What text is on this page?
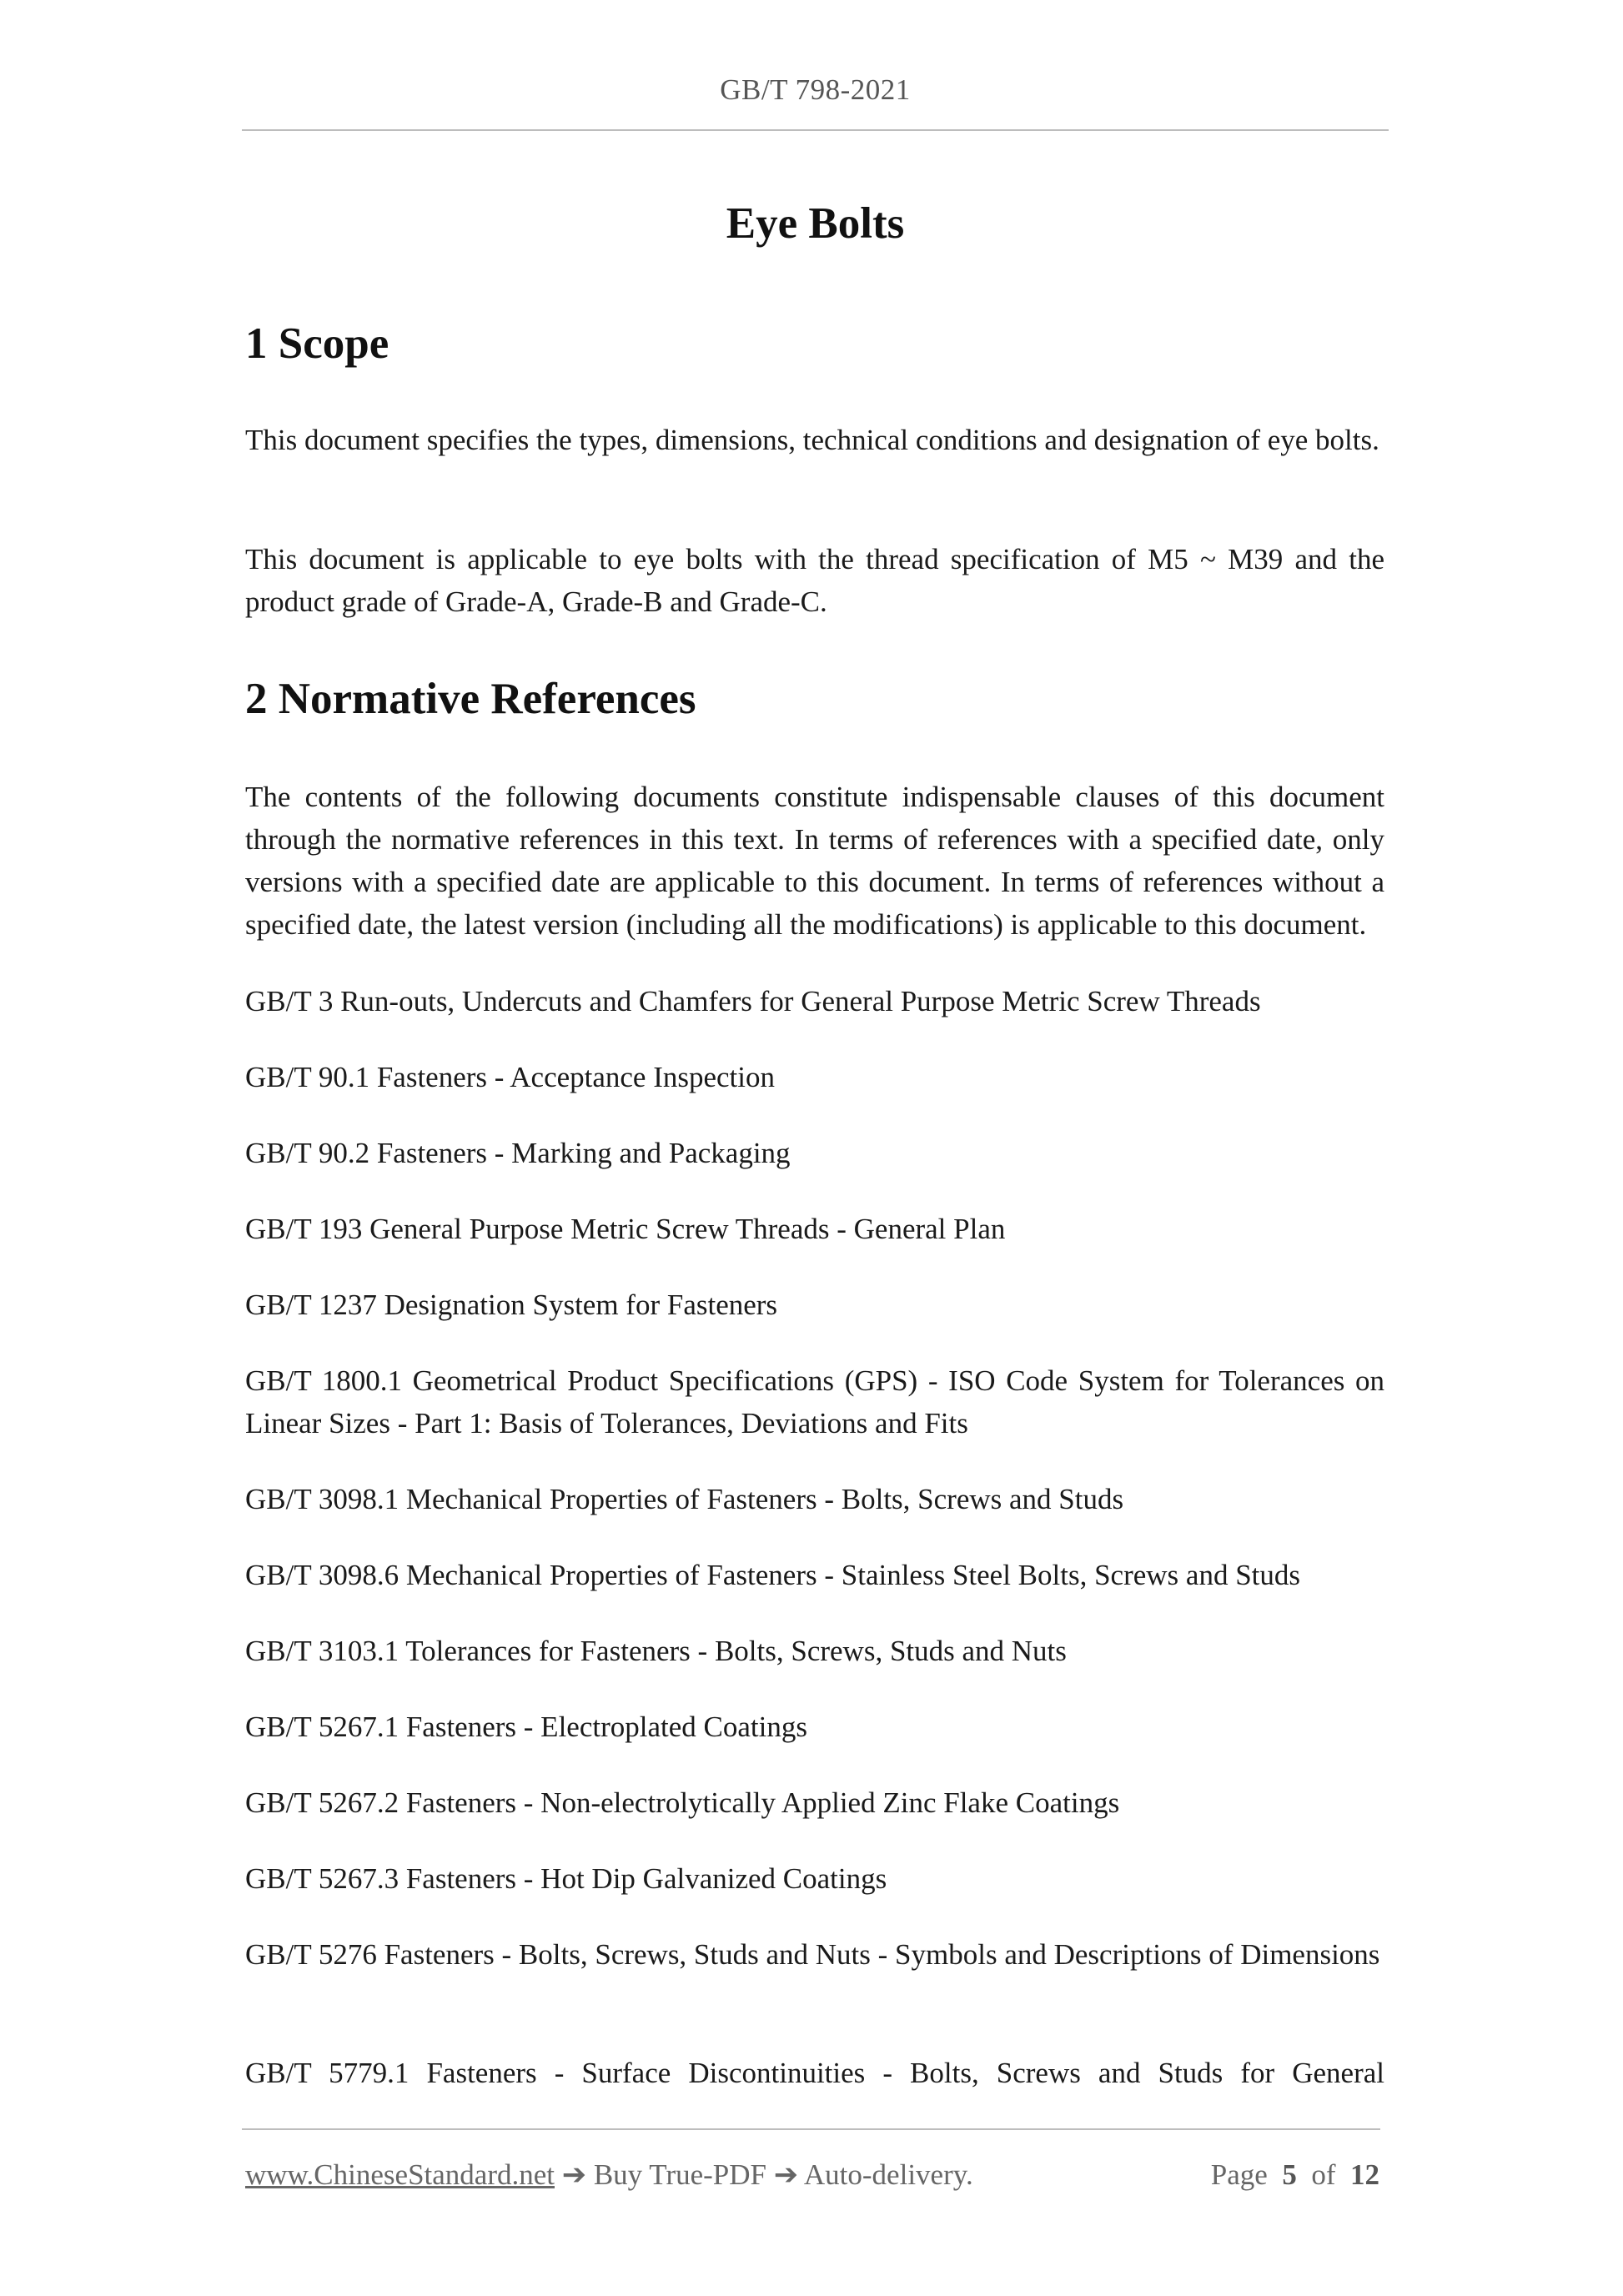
GB/T 798-2021
Eye Bolts
1 Scope

This document specifies the types, dimensions, technical conditions and designation of eye bolts.

This document is applicable to eye bolts with the thread specification of M5 ~ M39 and the product grade of Grade-A, Grade-B and Grade-C.

2 Normative References

The contents of the following documents constitute indispensable clauses of this document through the normative references in this text. In terms of references with a specified date, only versions with a specified date are applicable to this document. In terms of references without a specified date, the latest version (including all the modifications) is applicable to this document.

GB/T 3 Run-outs, Undercuts and Chamfers for General Purpose Metric Screw Threads

GB/T 90.1 Fasteners - Acceptance Inspection

GB/T 90.2 Fasteners - Marking and Packaging

GB/T 193 General Purpose Metric Screw Threads - General Plan

GB/T 1237 Designation System for Fasteners

GB/T 1800.1 Geometrical Product Specifications (GPS) - ISO Code System for Tolerances on Linear Sizes - Part 1: Basis of Tolerances, Deviations and Fits

GB/T 3098.1 Mechanical Properties of Fasteners - Bolts, Screws and Studs

GB/T 3098.6 Mechanical Properties of Fasteners - Stainless Steel Bolts, Screws and Studs

GB/T 3103.1 Tolerances for Fasteners - Bolts, Screws, Studs and Nuts

GB/T 5267.1 Fasteners - Electroplated Coatings

GB/T 5267.2 Fasteners - Non-electrolytically Applied Zinc Flake Coatings

GB/T 5267.3 Fasteners - Hot Dip Galvanized Coatings

GB/T 5276 Fasteners - Bolts, Screws, Studs and Nuts - Symbols and Descriptions of Dimensions

GB/T 5779.1 Fasteners - Surface Discontinuities - Bolts, Screws and Studs for General

www.ChineseStandard.net ➔ Buy True-PDF ➔ Auto-delivery.	Page 5 of 12
